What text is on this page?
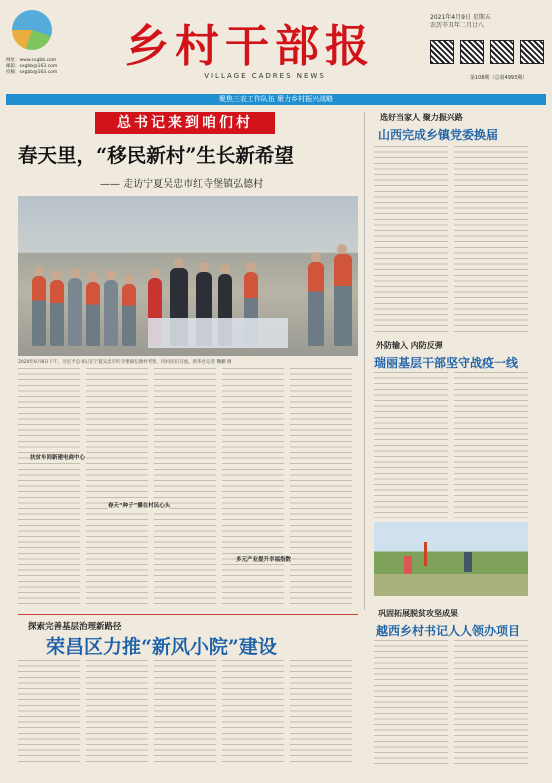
网址：www.sxgbb.com
邮箱：sxgbb@163.com
投稿：sxgbb@163.com
乡村干部报
VILLAGE CADRES NEWS
2021年4月9日 星期五
农历辛丑年二月廿八
第108期（总第4993期）
聚焦三农工作队伍 聚力乡村振兴战略
总书记来到咱们村
春天里，“移民新村”生长新希望
—— 走访宁夏吴忠市红寺堡镇弘德村
2020年6月8日下午，习近平总书记在宁夏吴忠市红寺堡镇弘德村考察，同村民们交流。新华社记者 鞠鹏 摄
扶贫车间新建电商中心
春天“种子”播在村民心头
多元产业提升幸福指数
选好当家人 聚力振兴路
山西完成乡镇党委换届
外防输入 内防反弹
瑞丽基层干部坚守战疫一线
巩固拓展脱贫攻坚成果
越西乡村书记人人领办项目
探索完善基层治理新路径
荣昌区力推“新风小院”建设
